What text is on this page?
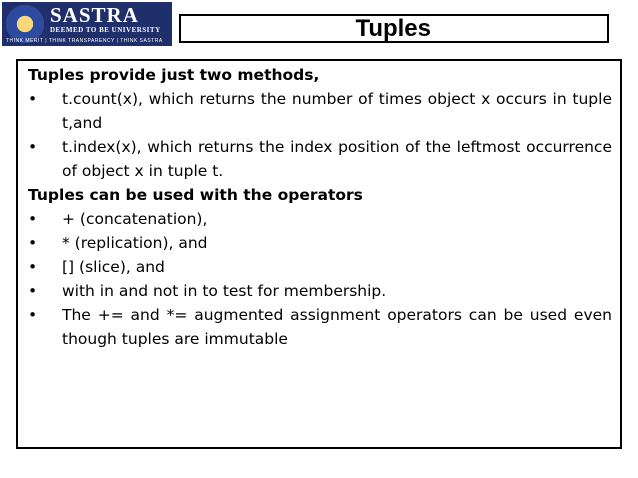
SASTRA
DEEMED TO BE UNIVERSITY
THINK MERIT | THINK TRANSPARENCY | THINK SASTRA	Tuples
Tuples provide just two methods,
•	t.count(x), which returns the number of times object x occurs in tuple t,and
•	t.index(x), which returns the index position of the leftmost occurrence of object x in tuple t.
Tuples can be used with the operators
•	+ (concatenation),
•	* (replication), and
•	[] (slice), and
•	with in and not in to test for membership.
•	The += and *= augmented assignment operators can be used even though tuples are immutable
